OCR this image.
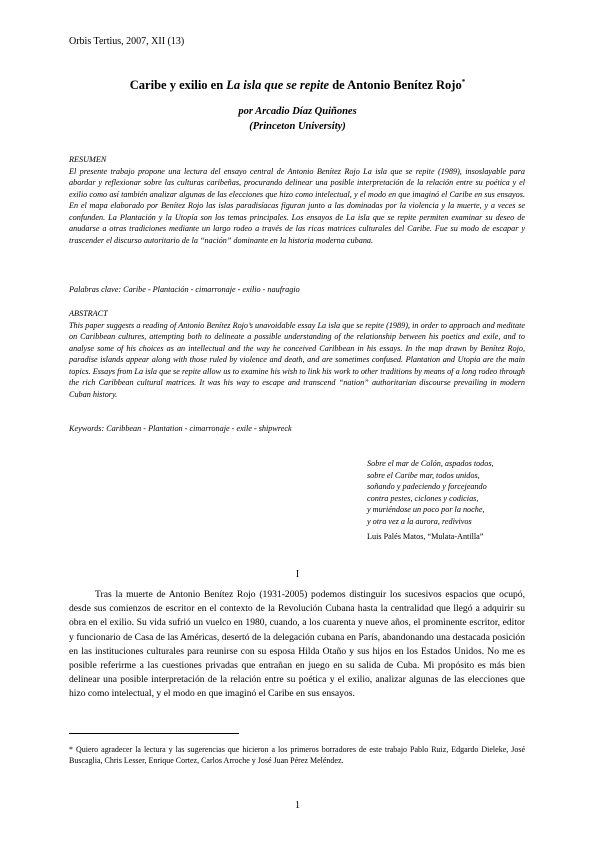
Orbis Tertius, 2007, XII (13)
Caribe y exilio en La isla que se repite de Antonio Benítez Rojo*
por Arcadio Díaz Quiñones
(Princeton University)
RESUMEN

El presente trabajo propone una lectura del ensayo central de Antonio Benítez Rojo La isla que se repite (1989), insoslayable para abordar y reflexionar sobre las culturas caribeñas, procurando delinear una posible interpretación de la relación entre su poética y el exilio como así también analizar algunas de las elecciones que hizo como intelectual, y el modo en que imaginó el Caribe en sus ensayos. En el mapa elaborado por Benítez Rojo las islas paradisíacas figuran junto a las dominadas por la violencia y la muerte, y a veces se confunden. La Plantación y la Utopía son los temas principales. Los ensayos de La isla que se repite permiten examinar su deseo de anudarse a otras tradiciones mediante un largo rodeo a través de las ricas matrices culturales del Caribe. Fue su modo de escapar y trascender el discurso autoritario de la “nación” dominante en la historia moderna cubana.

Palabras clave: Caribe - Plantación - cimarronaje - exilio - naufragio
ABSTRACT

This paper suggests a reading of Antonio Benítez Rojo’s unavoidable essay La isla que se repite (1989), in order to approach and meditate on Caribbean cultures, attempting both to delineate a possible understanding of the relationship between his poetics and exile, and to analyse some of his choices as an intellectual and the way he conceived Caribbean in his essays. In the map drawn by Benítez Rojo, paradise islands appear along with those ruled by violence and death, and are sometimes confused. Plantation and Utopia are the main topics. Essays from La isla que se repite allow us to examine his wish to link his work to other traditions by means of a long rodeo through the rich Caribbean cultural matrices. It was his way to escape and transcend “nation” authoritarian discourse prevailing in modern Cuban history.

Keywords: Caribbean - Plantation - cimarronaje - exile - shipwreck
Sobre el mar de Colón, aspados todos,
sobre el Caribe mar, todos unidos,
soñando y padeciendo y forcejeando
contra pestes, ciclones y codicias,
y muriéndose un poco por la noche,
y otra vez a la aurora, redivivos
Luis Palés Matos, “Mulata-Antilla”
I

Tras la muerte de Antonio Benítez Rojo (1931-2005) podemos distinguir los sucesivos espacios que ocupó, desde sus comienzos de escritor en el contexto de la Revolución Cubana hasta la centralidad que llegó a adquirir su obra en el exilio. Su vida sufrió un vuelco en 1980, cuando, a los cuarenta y nueve años, el prominente escritor, editor y funcionario de Casa de las Américas, desertó de la delegación cubana en París, abandonando una destacada posición en las instituciones culturales para reunirse con su esposa Hilda Otaño y sus hijos en los Estados Unidos. No me es posible referirme a las cuestiones privadas que entrañan en juego en su salida de Cuba. Mi propósito es más bien delinear una posible interpretación de la relación entre su poética y el exilio, analizar algunas de las elecciones que hizo como intelectual, y el modo en que imaginó el Caribe en sus ensayos.

* Quiero agradecer la lectura y las sugerencias que hicieron a los primeros borradores de este trabajo Pablo Ruiz, Edgardo Dieleke, José Buscaglia, Chris Lesser, Enrique Cortez, Carlos Arroche y José Juan Pérez Meléndez.
1
